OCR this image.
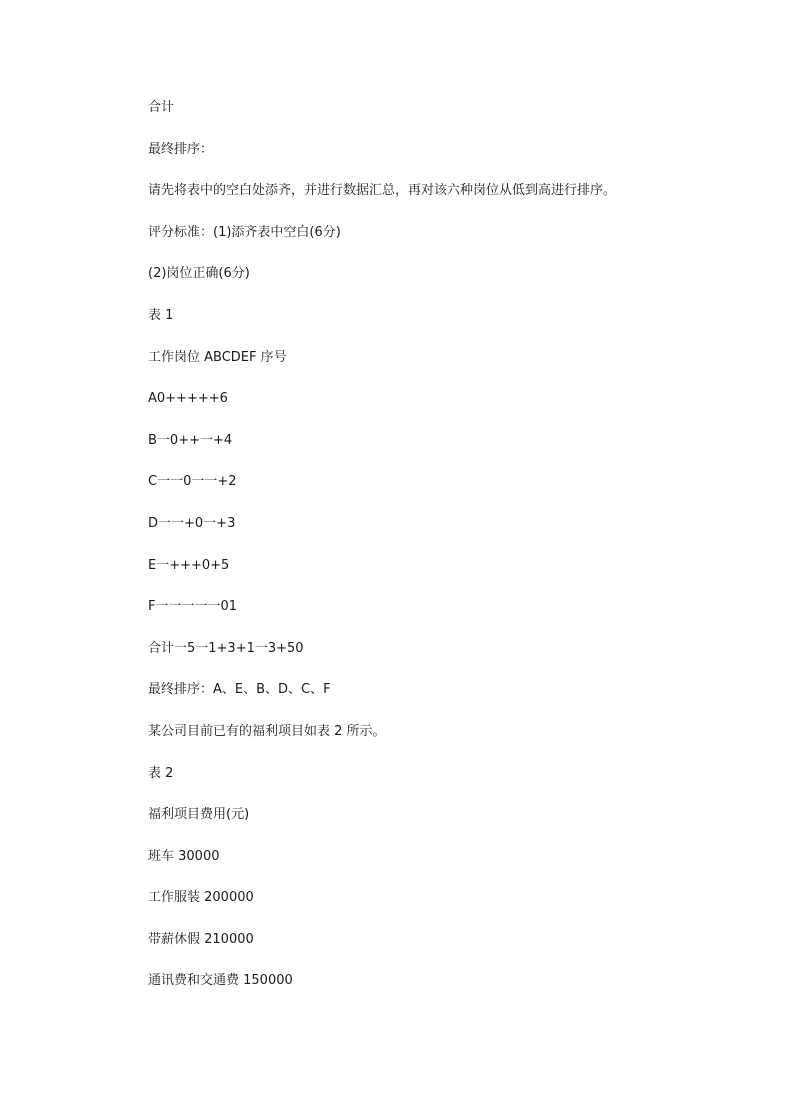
合计
最终排序：
请先将表中的空白处添齐，并进行数据汇总，再对该六种岗位从低到高进行排序。
评分标准：(1)添齐表中空白(6分)
(2)岗位正确(6分)
表 1
工作岗位 ABCDEF 序号
A0+++++6
B一0++一+4
C一一0一一+2
D一一+0一+3
E一+++0+5
F一一一一一01
合计一5一1+3+1一3+50
最终排序：A、E、B、D、C、F
某公司目前已有的福利项目如表 2 所示。
表 2
福利项目费用(元)
班车 30000
工作服装 200000
带薪休假 210000
通讯费和交通费 150000
